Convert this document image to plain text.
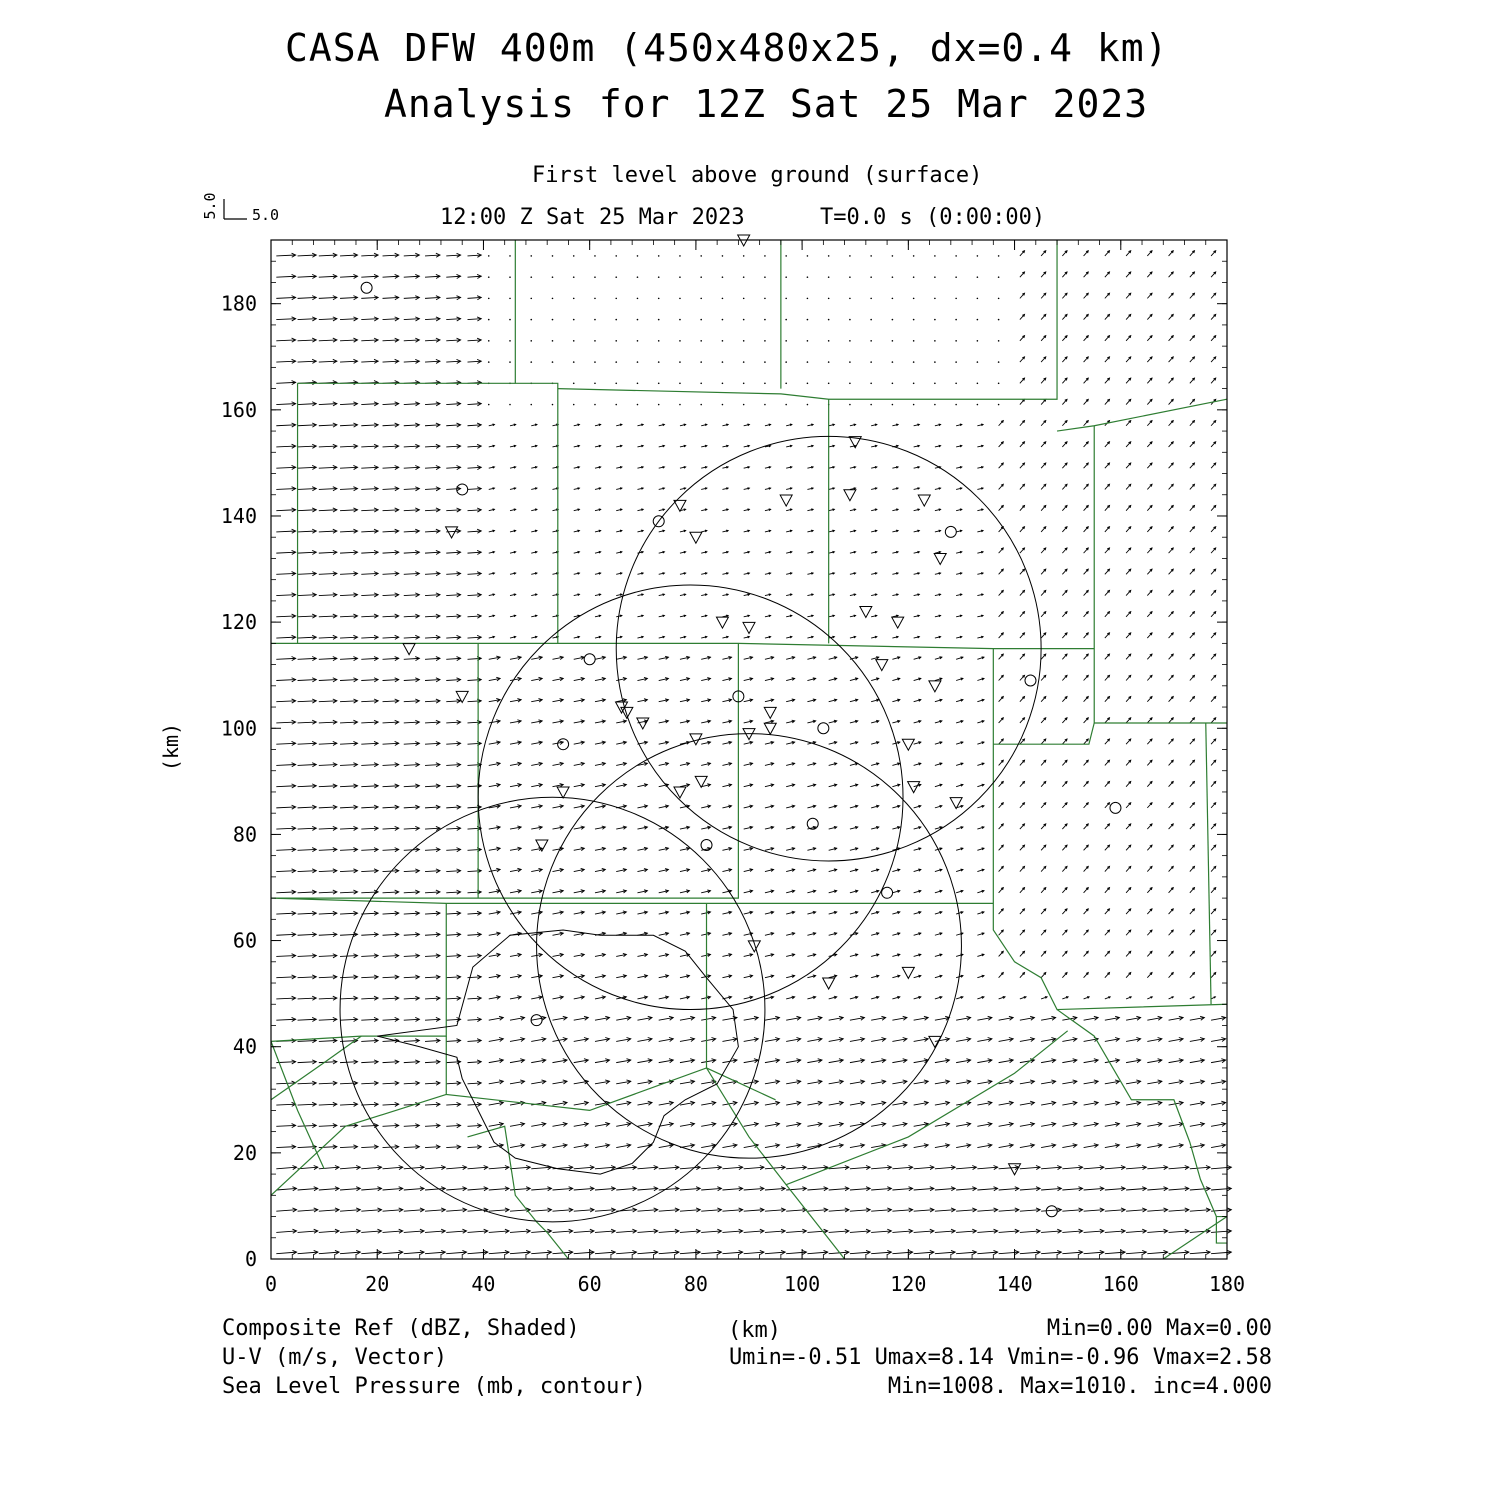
CASA DFW 400m (450x480x25, dx=0.4 km)
Analysis for 12Z Sat 25 Mar 2023
First level above ground (surface)
12:00 Z Sat 25 Mar 2023	T=0.0 s (0:00:00)
0	20	40	60	80	100	120	140	160	180
0
20
40
60
80
100
120
140
160
180
5.0 5.0
(km)
Composite Ref (dBZ, Shaded)	(km)	Min=0.00 Max=0.00
U-V (m/s, Vector)	Umin=-0.51 Umax=8.14 Vmin=-0.96 Vmax=2.58
Sea Level Pressure (mb, contour)	Min=1008. Max=1010. inc=4.000
